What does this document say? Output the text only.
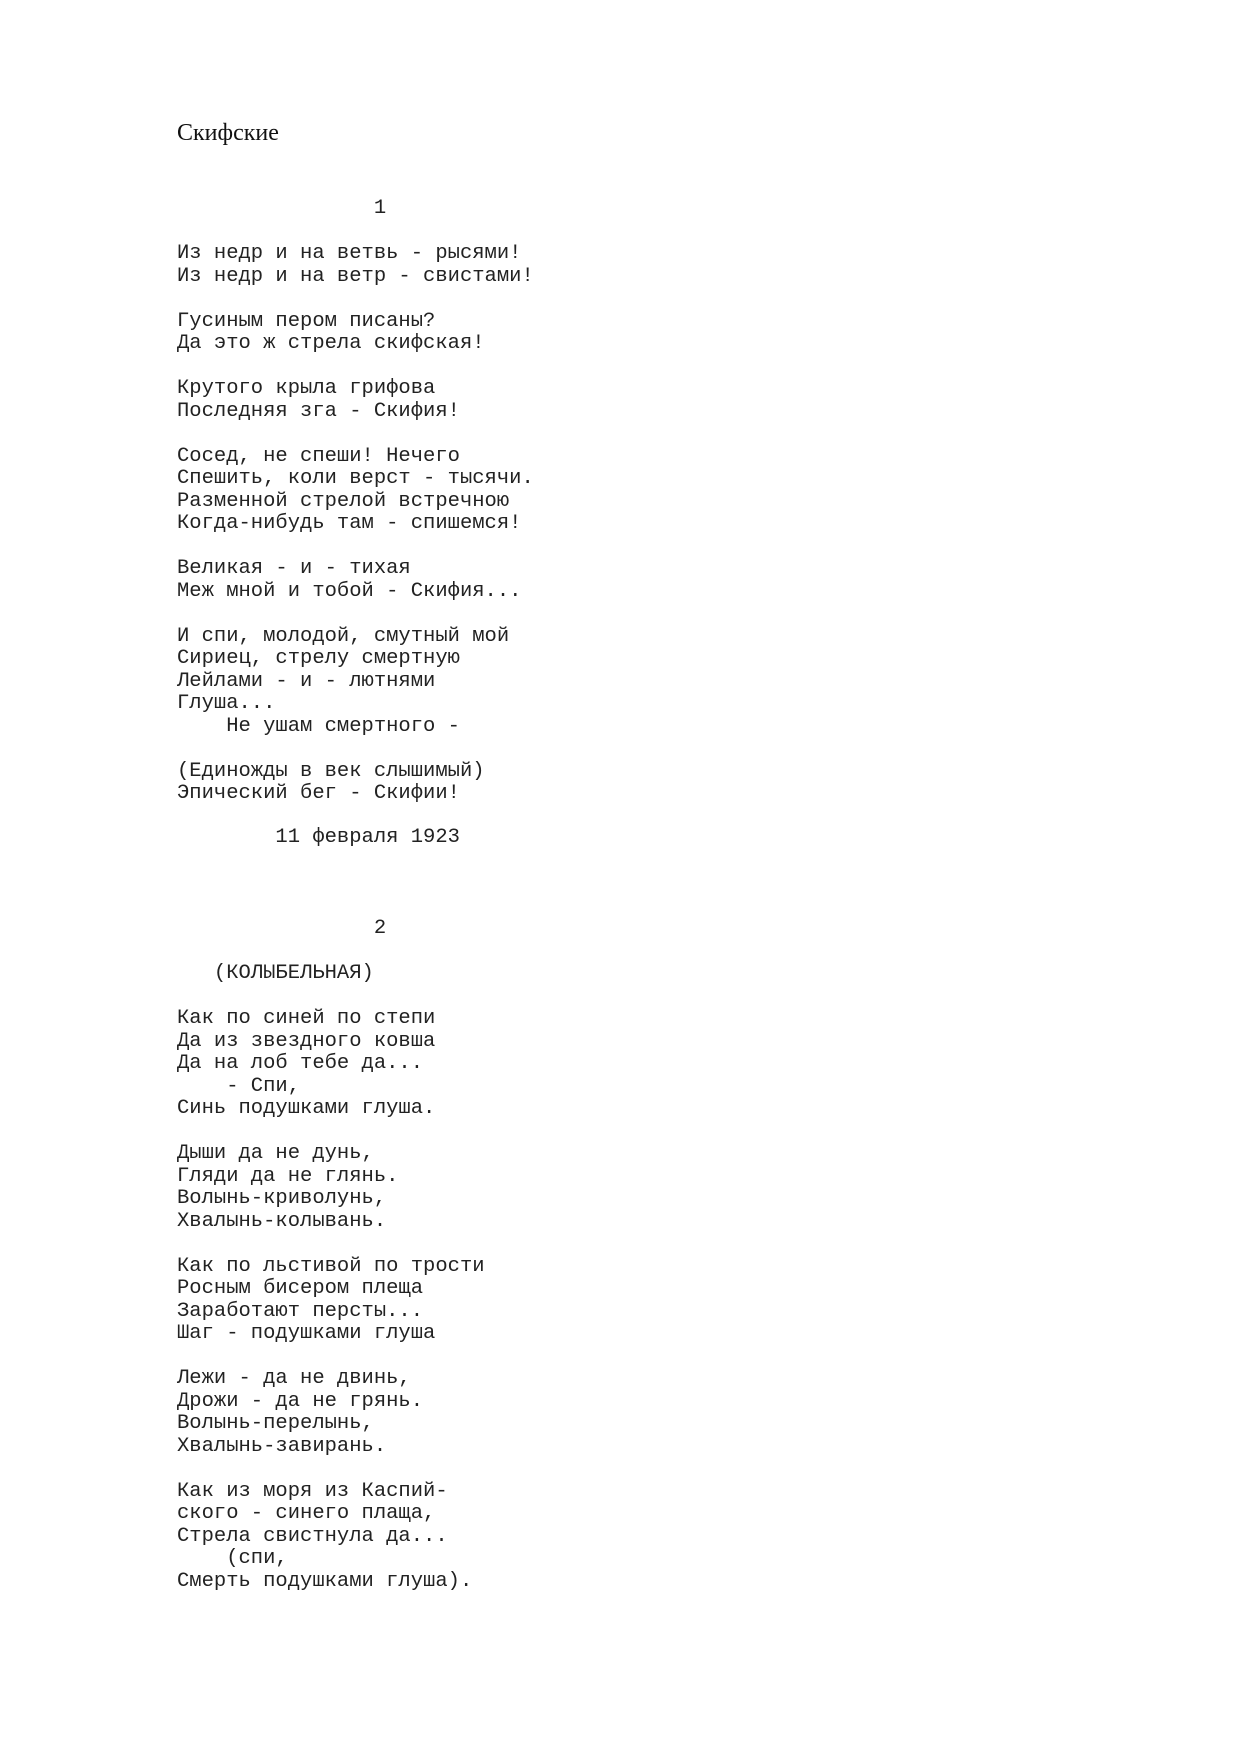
Скифские
1
Из недр и на ветвь - рысями!
Из недр и на ветр - свистами!

Гусиным пером писаны?
Да это ж стрела скифская!

Крутого крыла грифова
Последняя зга - Скифия!

Сосед, не спеши! Нечего
Спешить, коли верст - тысячи.
Разменной стрелой встречною
Когда-нибудь там - спишемся!

Великая - и - тихая
Меж мной и тобой - Скифия...

И спи, молодой, смутный мой
Сириец, стрелу смертную
Лейлами - и - лютнями
Глуша...
Не ушам смертного -

(Единожды в век слышимый)
Эпический бег - Скифии!
11 февраля 1923
2
(КОЛЫБЕЛЬНАЯ)
Как по синей по степи
Да из звездного ковша
Да на лоб тебе да...
- Спи,
Синь подушками глуша.

Дыши да не дунь,
Гляди да не глянь.
Волынь-криволунь,
Хвалынь-колывань.

Как по льстивой по трости
Росным бисером плеща
Заработают персты...
Шаг - подушками глуша

Лежи - да не двинь,
Дрожи - да не грянь.
Волынь-перелынь,
Хвалынь-завирань.

Как из моря из Каспий-
ского - синего плаща,
Стрела свистнула да...
(спи,
Смерть подушками глуша).
